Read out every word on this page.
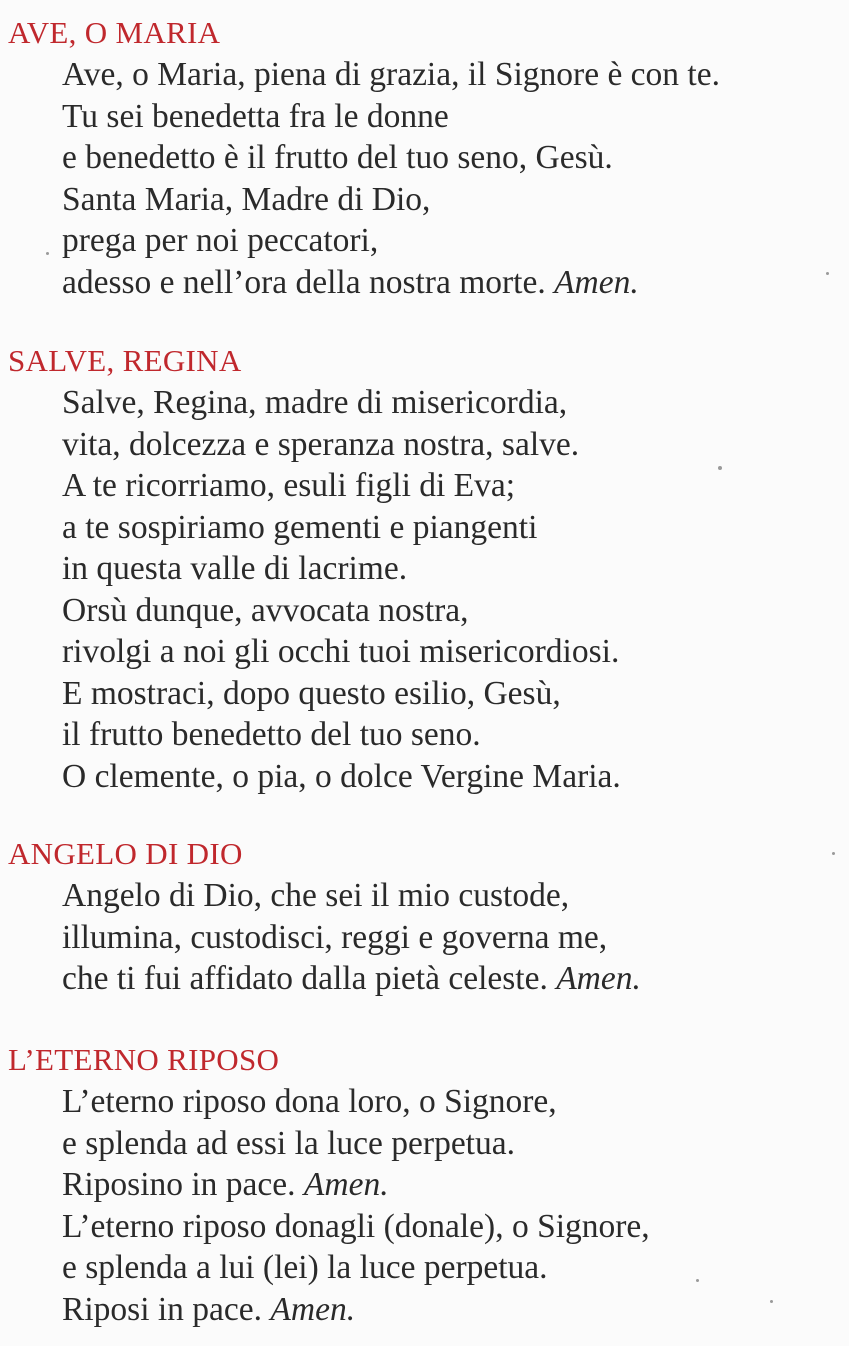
AVE, O MARIA
Ave, o Maria, piena di grazia, il Signore è con te.
Tu sei benedetta fra le donne
e benedetto è il frutto del tuo seno, Gesù.
Santa Maria, Madre di Dio,
prega per noi peccatori,
adesso e nell’ora della nostra morte. Amen.
SALVE, REGINA
Salve, Regina, madre di misericordia,
vita, dolcezza e speranza nostra, salve.
A te ricorriamo, esuli figli di Eva;
a te sospiriamo gementi e piangenti
in questa valle di lacrime.
Orsù dunque, avvocata nostra,
rivolgi a noi gli occhi tuoi misericordiosi.
E mostraci, dopo questo esilio, Gesù,
il frutto benedetto del tuo seno.
O clemente, o pia, o dolce Vergine Maria.
ANGELO DI DIO
Angelo di Dio, che sei il mio custode,
illumina, custodisci, reggi e governa me,
che ti fui affidato dalla pietà celeste. Amen.
L’ETERNO RIPOSO
L’eterno riposo dona loro, o Signore,
e splenda ad essi la luce perpetua.
Riposino in pace. Amen.
L’eterno riposo donagli (donale), o Signore,
e splenda a lui (lei) la luce perpetua.
Riposi in pace. Amen.
